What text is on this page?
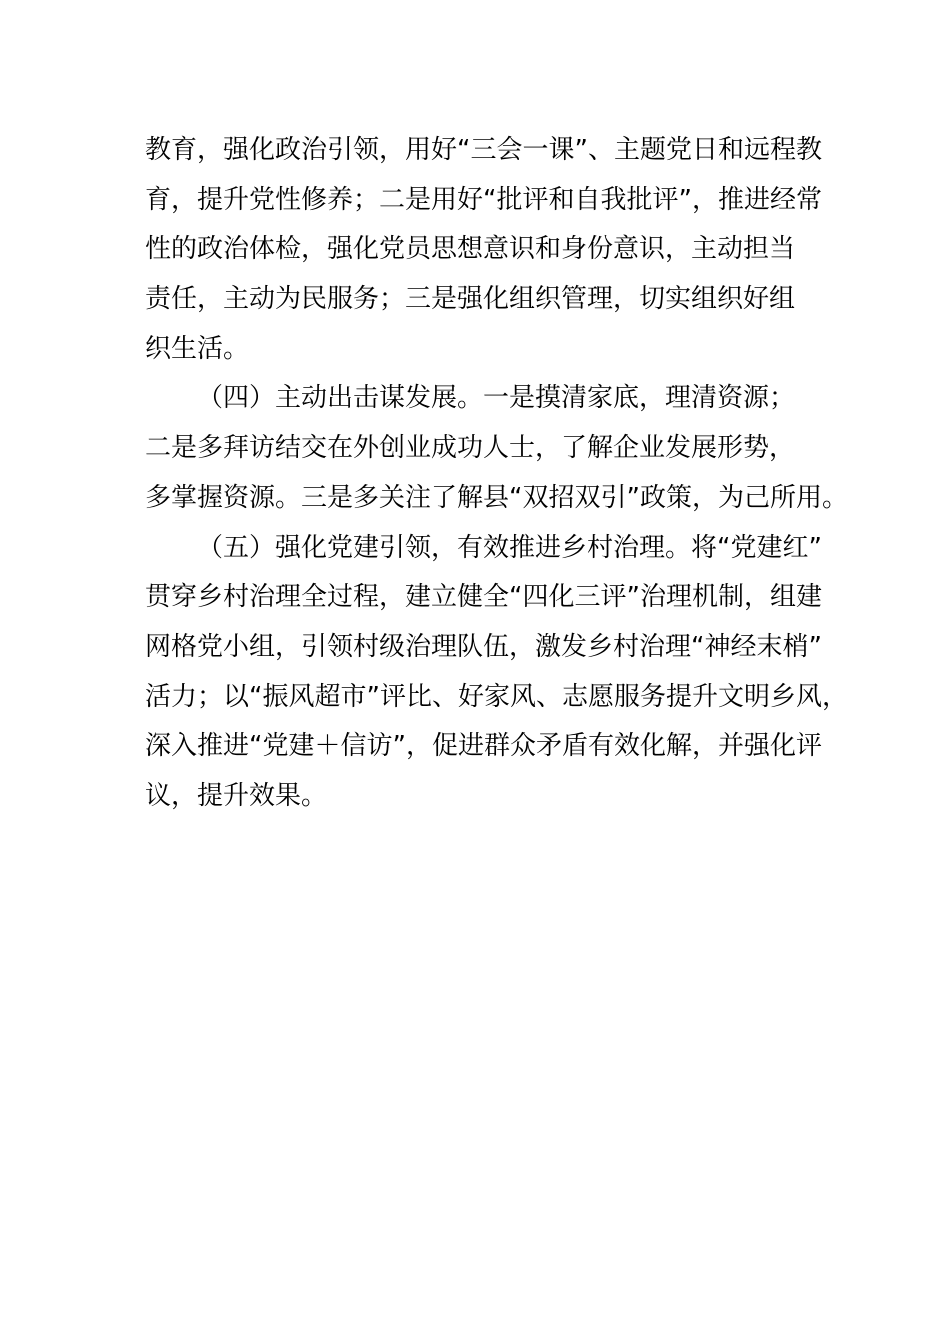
教育，强化政治引领，用好“三会一课”、主题党日和远程教

育，提升党性修养；二是用好“批评和自我批评”，推进经常

性的政治体检，强化党员思想意识和身份意识，主动担当

责任，主动为民服务；三是强化组织管理，切实组织好组

织生活。

（四）主动出击谋发展。一是摸清家底，理清资源；

二是多拜访结交在外创业成功人士，了解企业发展形势，

多掌握资源。三是多关注了解县“双招双引”政策，为己所用。

（五）强化党建引领，有效推进乡村治理。将“党建红”

贯穿乡村治理全过程，建立健全“四化三评”治理机制，组建

网格党小组，引领村级治理队伍，激发乡村治理“神经末梢”

活力；以“振风超市”评比、好家风、志愿服务提升文明乡风，

深入推进“党建＋信访”，促进群众矛盾有效化解，并强化评

议，提升效果。
